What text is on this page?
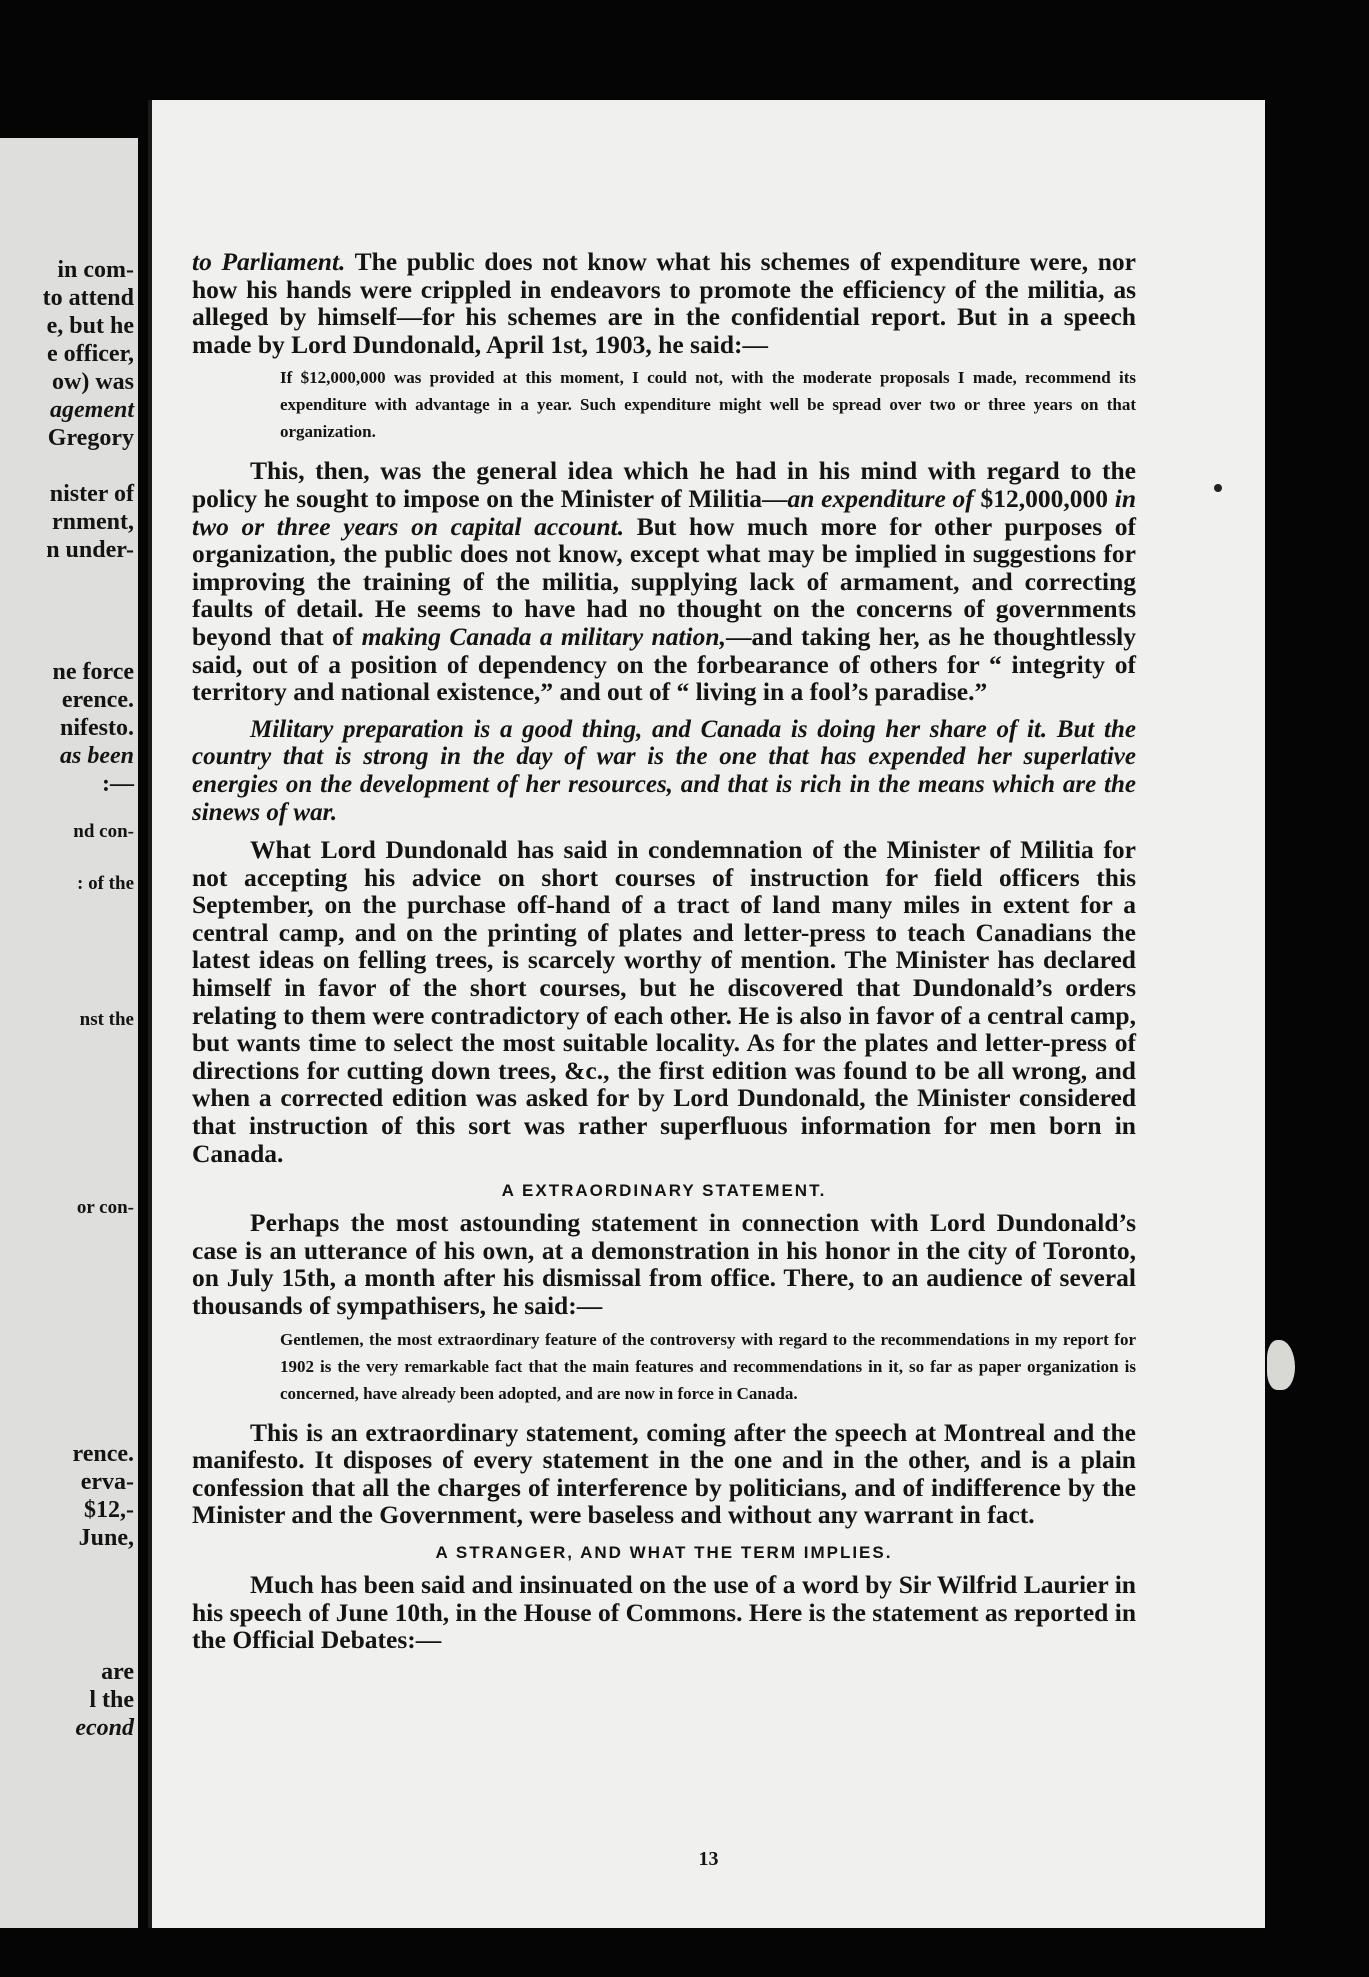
in com-
to attend
e, but he
e officer,
ow) was
agement
Gregory
nister of
rnment,
n under-
ne force
erence.
nifesto.
as been
:—
nd con-
: of the
nst the
or con-
rence.
erva-
$12,-
June,
are
l the
econd

to Parliament. The public does not know what his schemes of expenditure were, nor how his hands were crippled in endeavors to promote the efficiency of the militia, as alleged by himself—for his schemes are in the confidential report. But in a speech made by Lord Dundonald, April 1st, 1903, he said:—

If $12,000,000 was provided at this moment, I could not, with the moderate proposals I made, recommend its expenditure with advantage in a year. Such expenditure might well be spread over two or three years on that organization.

This, then, was the general idea which he had in his mind with regard to the policy he sought to impose on the Minister of Militia—an expenditure of $12,000,000 in two or three years on capital account. But how much more for other purposes of organization, the public does not know, except what may be implied in suggestions for improving the training of the militia, supplying lack of armament, and correcting faults of detail. He seems to have had no thought on the concerns of governments beyond that of making Canada a military nation,—and taking her, as he thoughtlessly said, out of a position of dependency on the forbearance of others for “ integrity of territory and national existence,” and out of “ living in a fool’s paradise.”

Military preparation is a good thing, and Canada is doing her share of it. But the country that is strong in the day of war is the one that has expended her superlative energies on the development of her resources, and that is rich in the means which are the sinews of war.

What Lord Dundonald has said in condemnation of the Minister of Militia for not accepting his advice on short courses of instruction for field officers this September, on the purchase off-hand of a tract of land many miles in extent for a central camp, and on the printing of plates and letter-press to teach Canadians the latest ideas on felling trees, is scarcely worthy of mention. The Minister has declared himself in favor of the short courses, but he discovered that Dundonald’s orders relating to them were contradictory of each other. He is also in favor of a central camp, but wants time to select the most suitable locality. As for the plates and letter-press of directions for cutting down trees, &c., the first edition was found to be all wrong, and when a corrected edition was asked for by Lord Dundonald, the Minister considered that instruction of this sort was rather superfluous information for men born in Canada.

A EXTRAORDINARY STATEMENT.

Perhaps the most astounding statement in connection with Lord Dundonald’s case is an utterance of his own, at a demonstration in his honor in the city of Toronto, on July 15th, a month after his dismissal from office. There, to an audience of several thousands of sympathisers, he said:—

Gentlemen, the most extraordinary feature of the controversy with regard to the recommendations in my report for 1902 is the very remarkable fact that the main features and recommendations in it, so far as paper organization is concerned, have already been adopted, and are now in force in Canada.

This is an extraordinary statement, coming after the speech at Montreal and the manifesto. It disposes of every statement in the one and in the other, and is a plain confession that all the charges of interference by politicians, and of indifference by the Minister and the Government, were baseless and without any warrant in fact.

A STRANGER, AND WHAT THE TERM IMPLIES.

Much has been said and insinuated on the use of a word by Sir Wilfrid Laurier in his speech of June 10th, in the House of Commons. Here is the statement as reported in the Official Debates:—

13
